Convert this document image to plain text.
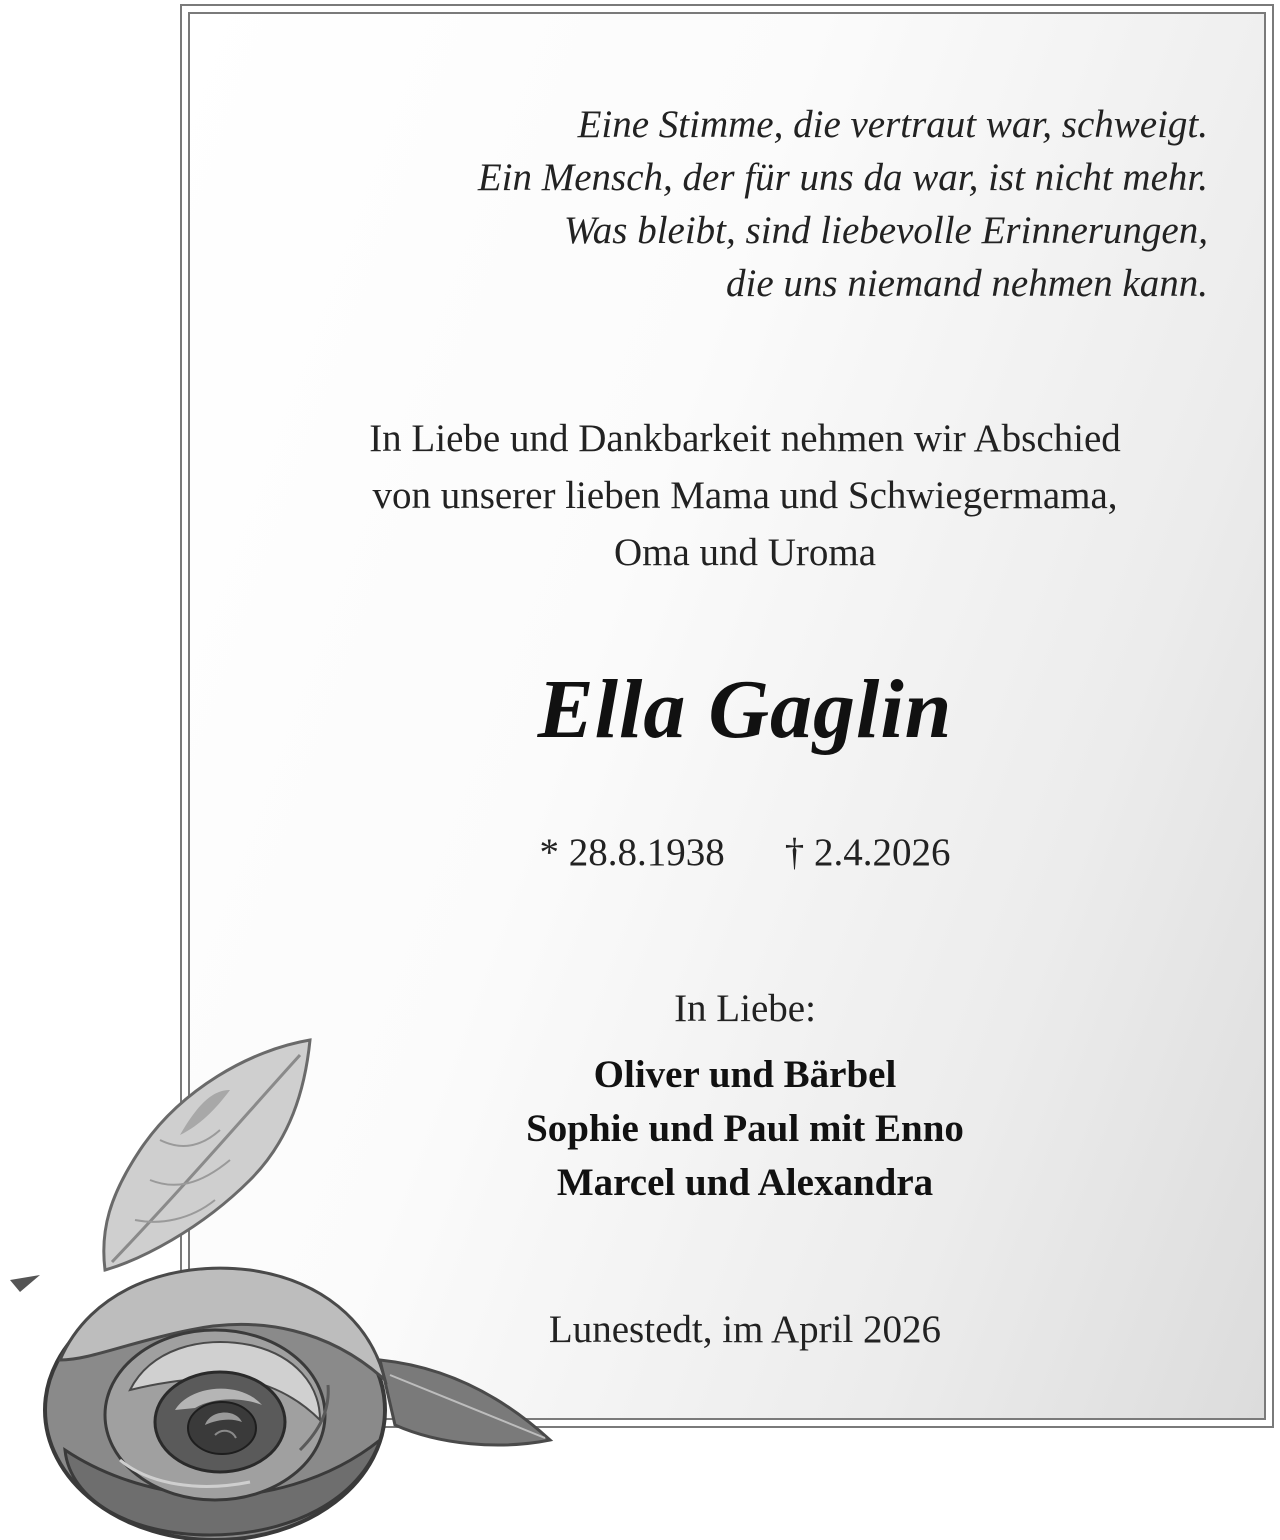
Eine Stimme, die vertraut war, schweigt.
Ein Mensch, der für uns da war, ist nicht mehr.
Was bleibt, sind liebevolle Erinnerungen,
die uns niemand nehmen kann.
In Liebe und Dankbarkeit nehmen wir Abschied
von unserer lieben Mama und Schwiegermama,
Oma und Uroma
Ella Gaglin
* 28.8.1938 † 2.4.2026
In Liebe:
Oliver und Bärbel
Sophie und Paul mit Enno
Marcel und Alexandra
Lunestedt, im April 2026
